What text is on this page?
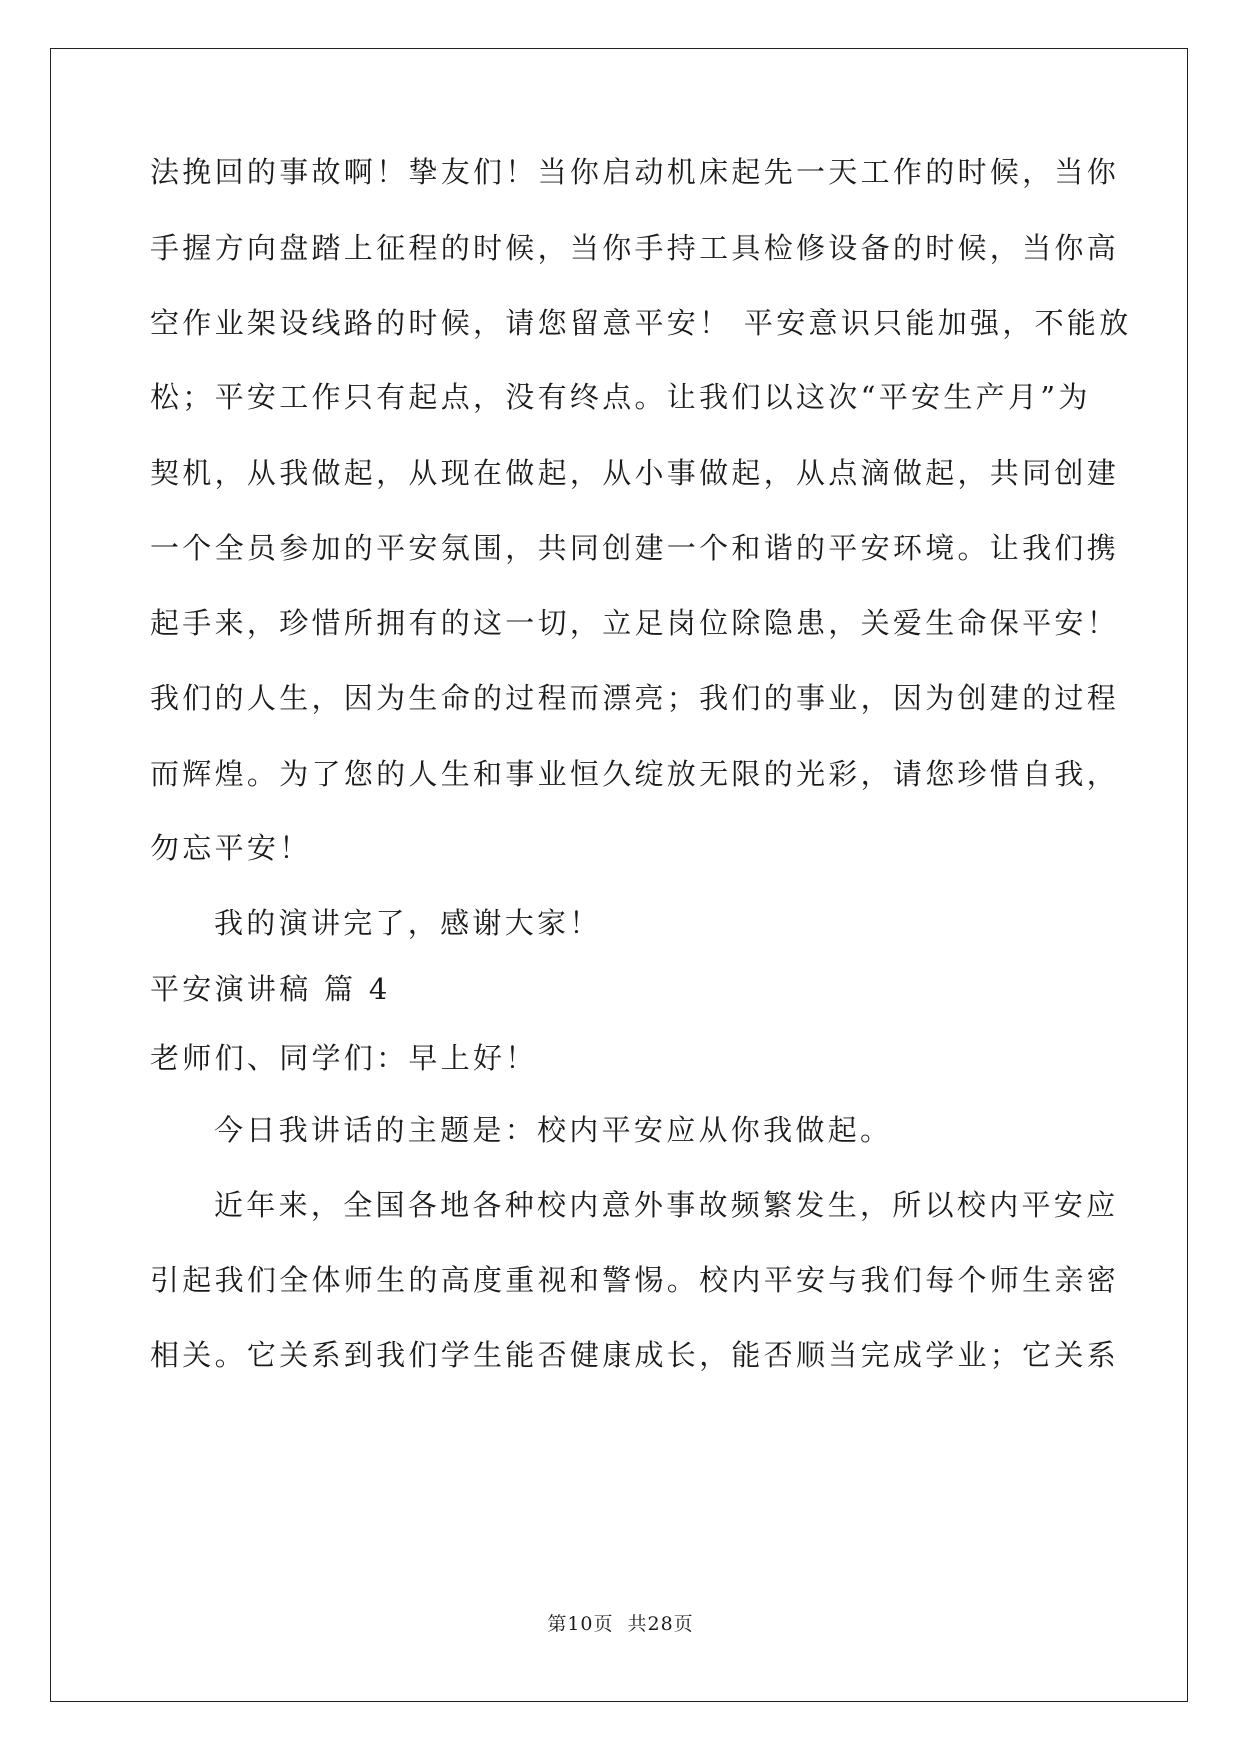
法挽回的事故啊！挚友们！当你启动机床起先一天工作的时候，当你
手握方向盘踏上征程的时候，当你手持工具检修设备的时候，当你高
空作业架设线路的时候，请您留意平安！ 平安意识只能加强，不能放
松；平安工作只有起点，没有终点。让我们以这次“平安生产月”为
契机，从我做起，从现在做起，从小事做起，从点滴做起，共同创建
一个全员参加的平安氛围，共同创建一个和谐的平安环境。让我们携
起手来，珍惜所拥有的这一切，立足岗位除隐患，关爱生命保平安！
我们的人生，因为生命的过程而漂亮；我们的事业，因为创建的过程
而辉煌。为了您的人生和事业恒久绽放无限的光彩，请您珍惜自我，
勿忘平安！
我的演讲完了，感谢大家！
平安演讲稿 篇 4
老师们、同学们：早上好！
今日我讲话的主题是：校内平安应从你我做起。
近年来，全国各地各种校内意外事故频繁发生，所以校内平安应
引起我们全体师生的高度重视和警惕。校内平安与我们每个师生亲密
相关。它关系到我们学生能否健康成长，能否顺当完成学业；它关系
第10页 共28页
